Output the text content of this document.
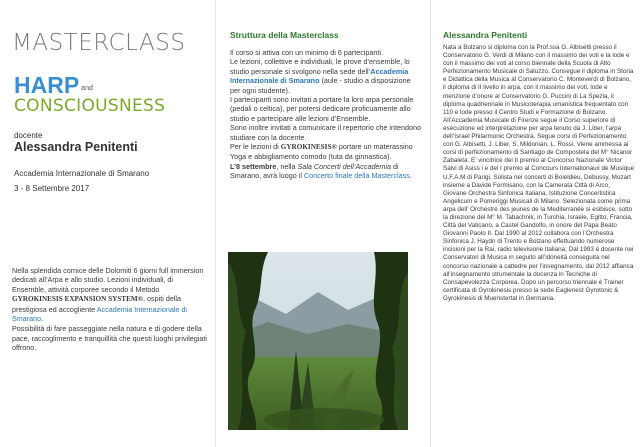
MASTERCLASS
HARP and
CONSCIOUSNESS
docente
Alessandra Penitenti
Accademia Internazionale di Smarano
3 - 8 Settembre 2017

Nella splendida cornice delle Dolomiti 6 giorni full immersion dedicati all’Arpa e allo studio. Lezioni individuali, di Ensemble, attività corporee secondo il Metodo GYROKINESIS EXPANSION SYSTEM®, ospiti della prestigiosa ed accogliente Accademia Internazionale di Smarano.

Possibilità di fare passeggiate nella natura e di godere della pace, raccoglimento e tranquillità che questi luoghi privilegiati offrono.

Struttura della Masterclass

Il corso si attiva con un minimo di 6 partecipanti.

Le lezioni, collettive e individuali, le prove d’ensemble, lo studio personale si svolgono nella sede dell’Accademia Internazionale di Smarano (aule - studio a disposizione per ogni studente).

I partecipanti sono invitati a portare la loro arpa personale (pedali o celtica), per potersi dedicare proficuamente allo studio e partecipare alle lezioni d’Ensemble.

Sono inoltre invitati a comunicare il repertorio che intendono studiare con la docente.

Per le lezioni di GYROKINESIS® portare un materassino Yoga e abbigliamento comodo (tuta da ginnastica).

L’8 settembre, nella Sala Concerti dell’Accademia di Smarano, avrà luogo il Concerto finale della Masterclass.

Alessandra Penitenti

Nata a Bolzano si diploma con la Prof.ssa G. Albisetti presso il Conservatorio G. Verdi di Milano con il massimo dei voti e la lode e con il massimo dei voti al corso biennale della Scuola di Alto Perfezionamento Musicale di Saluzzo. Consegue il diploma in Storia e Didattica della Musica al Conservatorio C. Monteverdi di Bolzano, il diploma di II livello in arpa, con il massimo dei voti, lode e menzione d’onore al Conservatorio G. Puccini di La Spezia, il diploma quadriennale in Musicoterapia umanistica frequentato con 110 e lode presso il Centro Studi e Formazione di Bolzano. All’Accademia Musicale di Firenze segue il Corso superiore di esecuzione ed interpretazione per arpa tenuto da J. Liber, l’arpa dell’Israel Philarmonic Orchestra. Segue corsi di Perfezionamento con G. Albisetti, J. Liber, S. Mildonian, L. Rossi. Viene ammessa ai corsi di perfezionamento di Santiago de Compostela del M° Nicanor Zabaleta. E’ vincitrice del II premio al Concorso Nazionale Victor Salvi di Asiss i e del I premio al Concours Internationaux de Musique U.F.A.M di Parigi. Solista nei concerti di Boieldieu, Debussy, Mozart insieme a Davide Formisano, con la Camerata Città di Arco, Giovane Orchestra Sinfonica Italiana, Istituzione Concertistica Angelicum e Pomeriggi Musicali di Milano. Selezionata come prima arpa dell’ Orchestre des jeunes de la Mediterranée si esibisce, sotto la direzione del M° M. Tabachnik, in Turchia, Israele, Egitto, Francia, Città del Vaticano, a Castel Gandolfo, in onore del Papa Beato Giovanni Paolo II. Dal 1990 al 2012 collabora con l’Orchestra Sinfonica J. Haydn di Trento e Bolzano effettuando numerose incisioni per la Rai, radio televisione Italiana; Dal 1993 è docente nei Conservatori di Musica in seguito all’idoneità conseguita nel concorso nazionale a cattedre per l’insegnamento, dal 2012 affianca all’insegnamento strumentale la docenza in Tecniche di Consapevolezza Corporea. Dopo un percorso triennale è Trainer certificata di Gyrokinesis presso la sede Eaglenest Gyrotonic & Gyrokinesis di Muenstertal in Germania.
